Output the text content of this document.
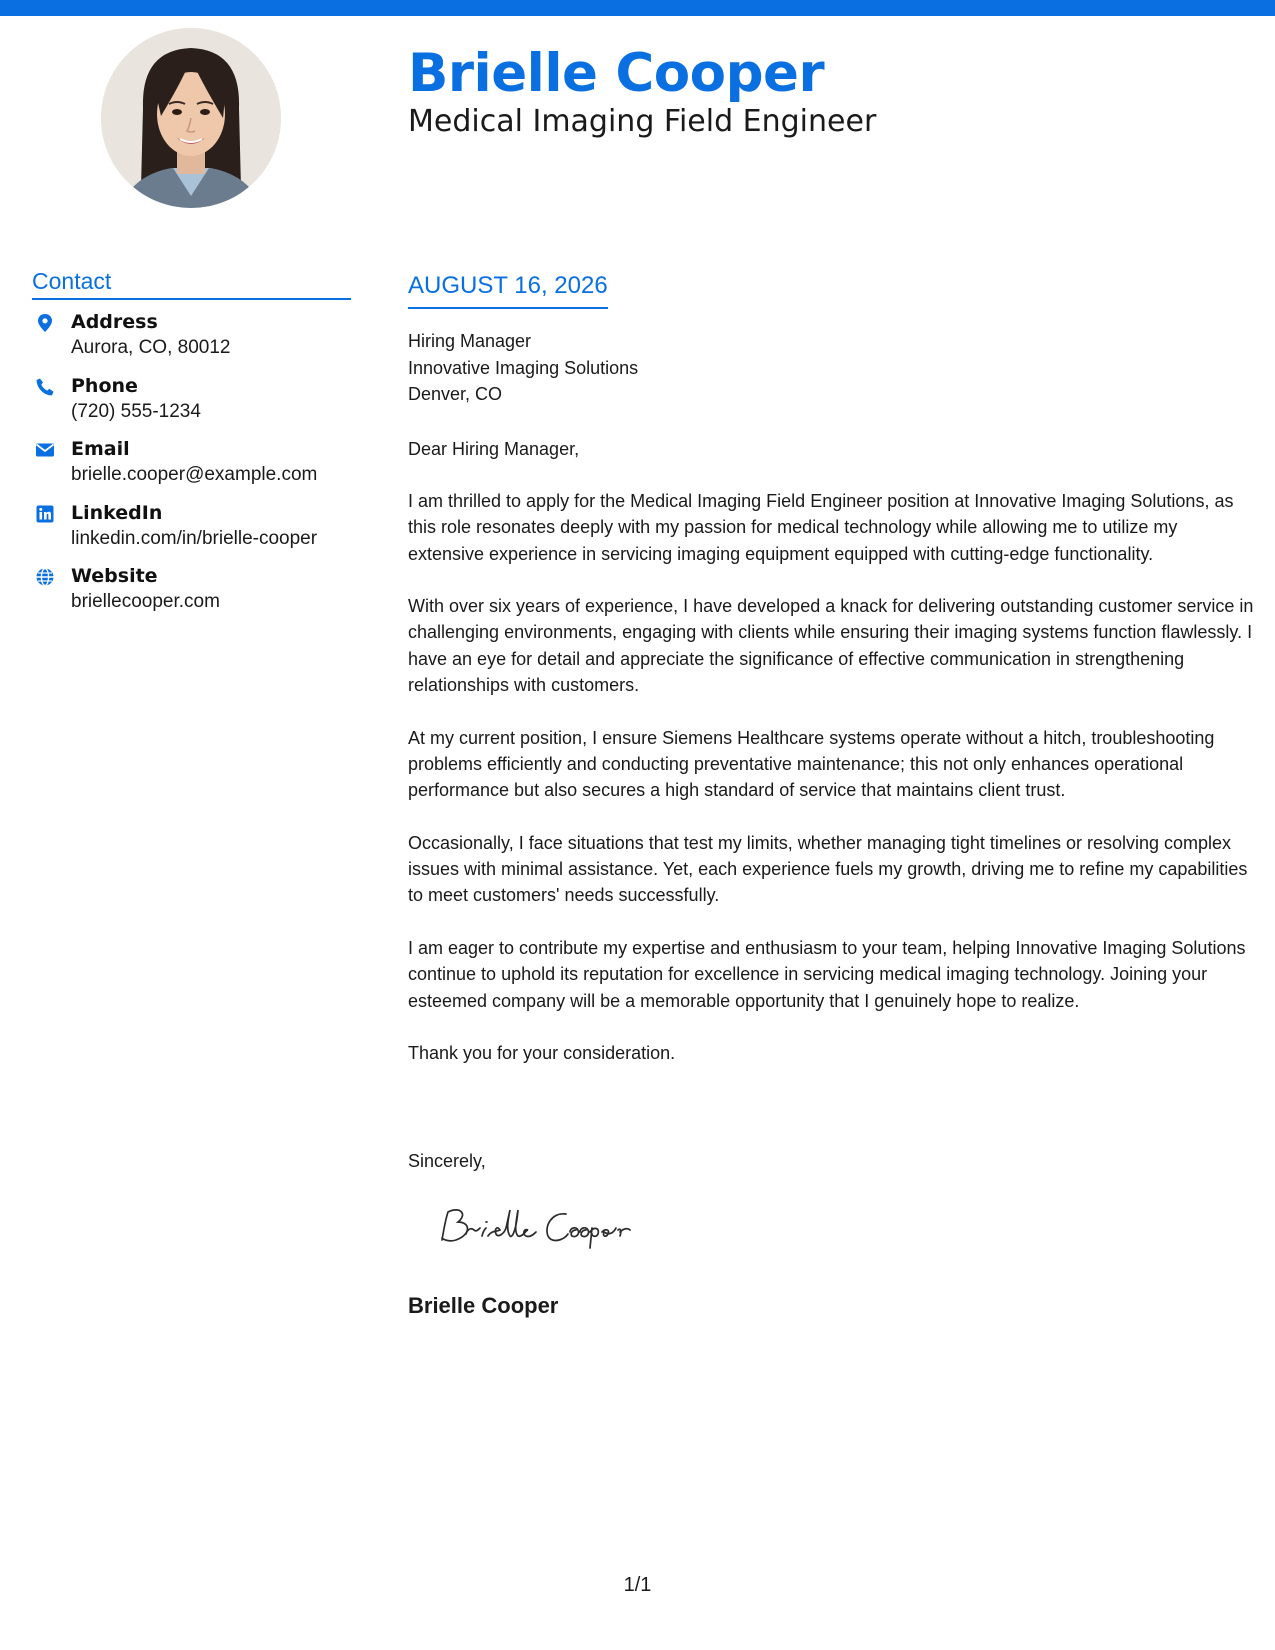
Brielle Cooper
Medical Imaging Field Engineer
Contact
Address
Aurora, CO, 80012
Phone
(720) 555-1234
Email
brielle.cooper@example.com
LinkedIn
linkedin.com/in/brielle-cooper
Website
briellecooper.com
AUGUST 16, 2026
Hiring Manager
Innovative Imaging Solutions
Denver, CO
Dear Hiring Manager,

I am thrilled to apply for the Medical Imaging Field Engineer position at Innovative Imaging Solutions, as this role resonates deeply with my passion for medical technology while allowing me to utilize my extensive experience in servicing imaging equipment equipped with cutting-edge functionality.

With over six years of experience, I have developed a knack for delivering outstanding customer service in challenging environments, engaging with clients while ensuring their imaging systems function flawlessly. I have an eye for detail and appreciate the significance of effective communication in strengthening relationships with customers.

At my current position, I ensure Siemens Healthcare systems operate without a hitch, troubleshooting problems efficiently and conducting preventative maintenance; this not only enhances operational performance but also secures a high standard of service that maintains client trust.

Occasionally, I face situations that test my limits, whether managing tight timelines or resolving complex issues with minimal assistance. Yet, each experience fuels my growth, driving me to refine my capabilities to meet customers' needs successfully.

I am eager to contribute my expertise and enthusiasm to your team, helping Innovative Imaging Solutions continue to uphold its reputation for excellence in servicing medical imaging technology. Joining your esteemed company will be a memorable opportunity that I genuinely hope to realize.

Thank you for your consideration.

Sincerely,
Brielle Cooper
1/1
